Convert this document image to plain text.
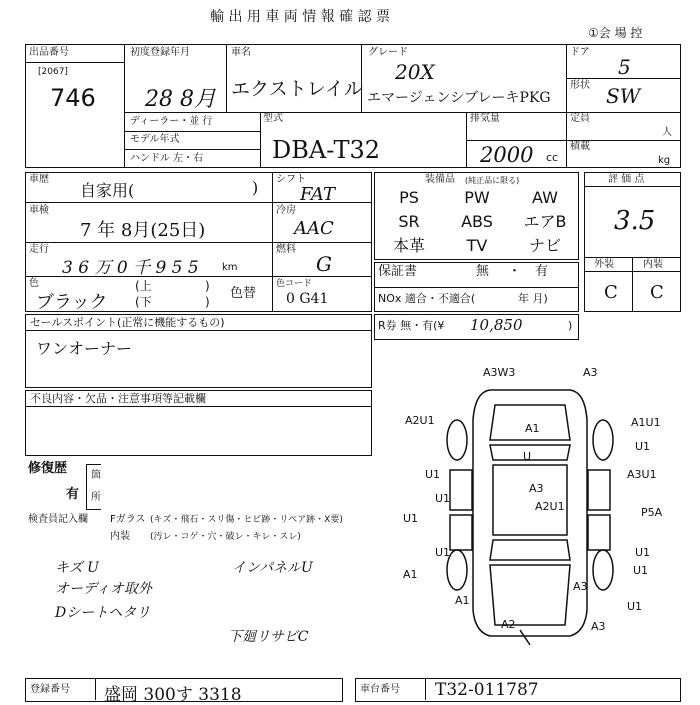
輸 出 用 車 両 情 報 確 認 票
①会 場 控
出品番号
[2067]
746
初度登録年月
28 8月
車名
エクストレイル
グレード
20X
エマージェンシブレーキPKG
ドア
5
形状 SW
ディーラー・並 行
モデル年式
ハンドル 左・右
型式
DBA-T32
排気量
2000 cc
定員
人
積載
kg
車歴
自家用(	)
車検
7 年 8月(25日)
走行
3 6 万 0 千 9 5 5 km
色
ブラック
(上
(下
)
)
色替
シフト
FAT
冷房
AAC
燃料
G
色コード
0 G41
装備品 (純正品に限る)
PS	PW	AW
SR	ABS	エアB
本革	TV	ナビ
保証書	無 ・ 有
NOx 適合・不適合(	年 月)
R券 無・有(¥ 10,850	)
評 価 点
3.5
外装	内装
C C
セールスポイント(正常に機能するもの)
ワンオーナー
不良内容・欠品・注意事項等記載欄
修復歴
有
箇
所
検査員記入欄 Fガラス (キズ・飛石・スリ傷・ヒビ跡・リペア跡・X要)
内装 (汚レ・コゲ・穴・破レ・キレ・スレ)
キズ U
オーディオ取外
Dシートヘタリ
インパネルU
下廻リサビC
A3W3	A3
A2U1
A1	A1U1
U
U1	A3U1
U1
A3
P5A
A2U1
A1
A3
A2	A3
U1
U1
U1	U1
U1
A1	U1
登録番号 盛岡 300す 3318	車台番号 T32-011787
